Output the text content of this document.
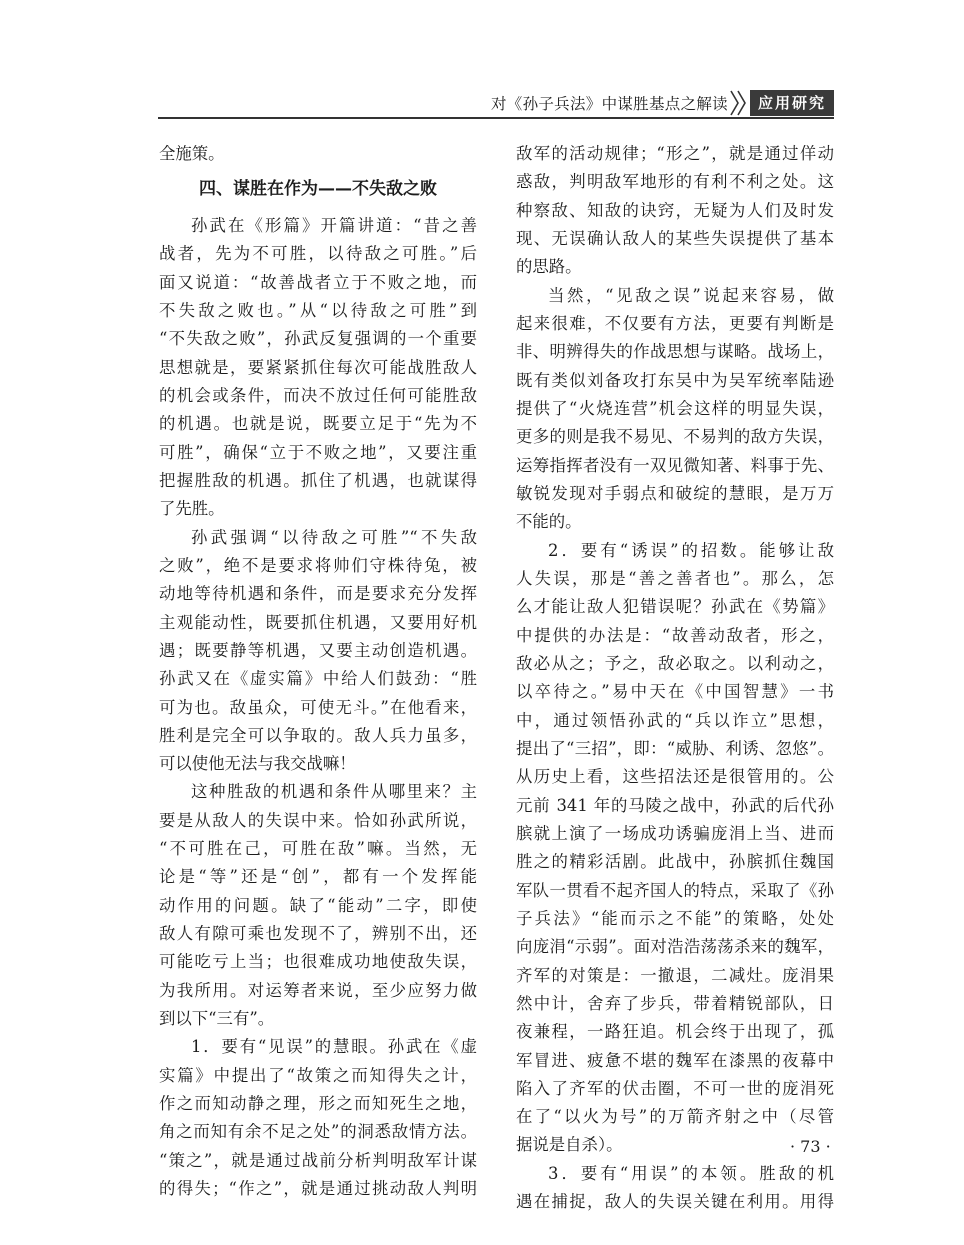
对《孙子兵法》中谋胜基点之解读	应用研究
全施策。
四、谋胜在作为——不失敌之败
孙武在《形篇》开篇讲道：“昔之善
战者，先为不可胜，以待敌之可胜。”后
面又说道：“故善战者立于不败之地，而
不失敌之败也。”从“以待敌之可胜”到
“不失敌之败”，孙武反复强调的一个重要
思想就是，要紧紧抓住每次可能战胜敌人
的机会或条件，而决不放过任何可能胜敌
的机遇。也就是说，既要立足于“先为不
可胜”，确保“立于不败之地”，又要注重
把握胜敌的机遇。抓住了机遇，也就谋得
了先胜。
孙武强调“以待敌之可胜”“不失敌
之败”，绝不是要求将帅们守株待兔，被
动地等待机遇和条件，而是要求充分发挥
主观能动性，既要抓住机遇，又要用好机
遇；既要静等机遇，又要主动创造机遇。
孙武又在《虚实篇》中给人们鼓劲：“胜
可为也。敌虽众，可使无斗。”在他看来，
胜利是完全可以争取的。敌人兵力虽多，
可以使他无法与我交战嘛！
这种胜敌的机遇和条件从哪里来？主
要是从敌人的失误中来。恰如孙武所说，
“不可胜在己，可胜在敌”嘛。当然，无
论是“等”还是“创”，都有一个发挥能
动作用的问题。缺了“能动”二字，即使
敌人有隙可乘也发现不了，辨别不出，还
可能吃亏上当；也很难成功地使敌失误，
为我所用。对运筹者来说，至少应努力做
到以下“三有”。
1．要有“见误”的慧眼。孙武在《虚
实篇》中提出了“故策之而知得失之计，
作之而知动静之理，形之而知死生之地，
角之而知有余不足之处”的洞悉敌情方法。
“策之”，就是通过战前分析判明敌军计谋
的得失；“作之”，就是通过挑动敌人判明
敌军的活动规律；“形之”，就是通过佯动
惑敌，判明敌军地形的有利不利之处。这
种察敌、知敌的诀窍，无疑为人们及时发
现、无误确认敌人的某些失误提供了基本
的思路。
当然，“见敌之误”说起来容易，做
起来很难，不仅要有方法，更要有判断是
非、明辨得失的作战思想与谋略。战场上，
既有类似刘备攻打东吴中为吴军统率陆逊
提供了“火烧连营”机会这样的明显失误，
更多的则是我不易见、不易判的敌方失误，
运筹指挥者没有一双见微知著、料事于先、
敏锐发现对手弱点和破绽的慧眼，是万万
不能的。
2．要有“诱误”的招数。能够让敌
人失误，那是“善之善者也”。那么，怎
么才能让敌人犯错误呢？孙武在《势篇》
中提供的办法是：“故善动敌者，形之，
敌必从之；予之，敌必取之。以利动之，
以卒待之。”易中天在《中国智慧》一书
中，通过领悟孙武的“兵以诈立”思想，
提出了“三招”，即：“威胁、利诱、忽悠”。
从历史上看，这些招法还是很管用的。公
元前 341 年的马陵之战中，孙武的后代孙
膑就上演了一场成功诱骗庞涓上当、进而
胜之的精彩活剧。此战中，孙膑抓住魏国
军队一贯看不起齐国人的特点，采取了《孙
子兵法》“能而示之不能”的策略，处处
向庞涓“示弱”。面对浩浩荡荡杀来的魏军，
齐军的对策是：一撤退，二减灶。庞涓果
然中计，舍弃了步兵，带着精锐部队，日
夜兼程，一路狂追。机会终于出现了，孤
军冒进、疲惫不堪的魏军在漆黑的夜幕中
陷入了齐军的伏击圈，不可一世的庞涓死
在了“以火为号”的万箭齐射之中（尽管
据说是自杀）。
3．要有“用误”的本领。胜敌的机
遇在捕捉，敌人的失误关键在利用。用得
· 73 ·
